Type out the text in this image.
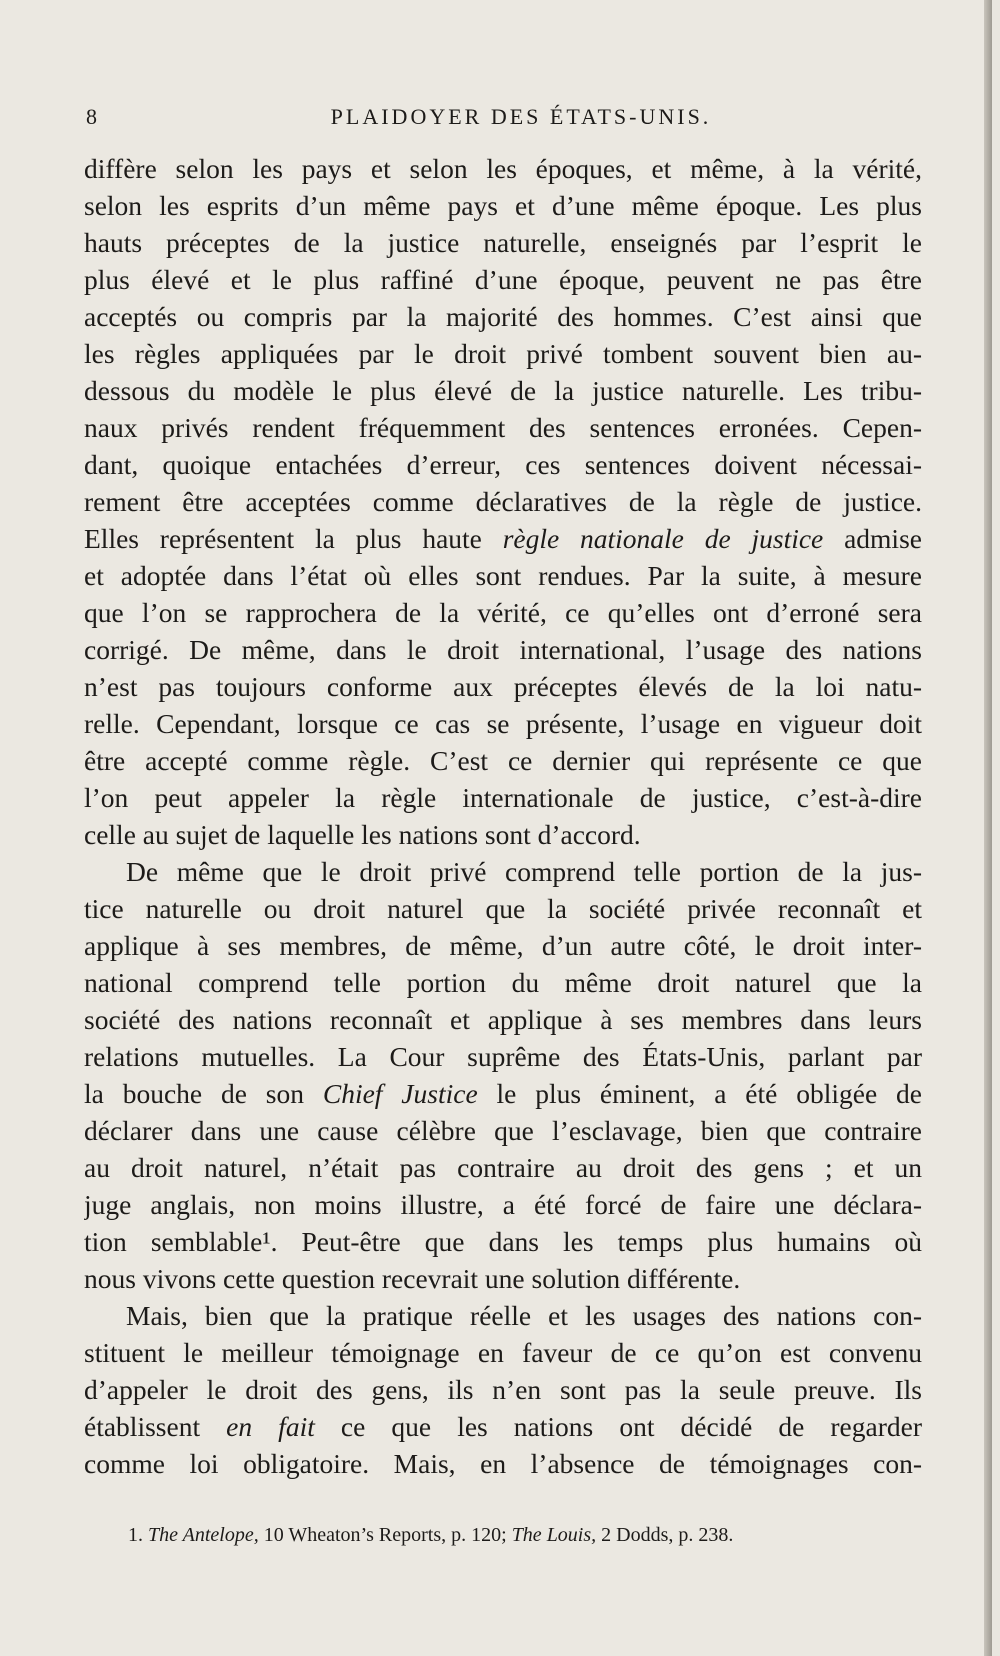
8	PLAIDOYER DES ÉTATS-UNIS.
diffère selon les pays et selon les époques, et même, à la vérité,
selon les esprits d’un même pays et d’une même époque. Les plus
hauts préceptes de la justice naturelle, enseignés par l’esprit le
plus élevé et le plus raffiné d’une époque, peuvent ne pas être
acceptés ou compris par la majorité des hommes. C’est ainsi que
les règles appliquées par le droit privé tombent souvent bien au-
dessous du modèle le plus élevé de la justice naturelle. Les tribu-
naux privés rendent fréquemment des sentences erronées. Cepen-
dant, quoique entachées d’erreur, ces sentences doivent nécessai-
rement être acceptées comme déclaratives de la règle de justice.
Elles représentent la plus haute règle nationale de justice admise
et adoptée dans l’état où elles sont rendues. Par la suite, à mesure
que l’on se rapprochera de la vérité, ce qu’elles ont d’erroné sera
corrigé. De même, dans le droit international, l’usage des nations
n’est pas toujours conforme aux préceptes élevés de la loi natu-
relle. Cependant, lorsque ce cas se présente, l’usage en vigueur doit
être accepté comme règle. C’est ce dernier qui représente ce que
l’on peut appeler la règle internationale de justice, c’est-à-dire
celle au sujet de laquelle les nations sont d’accord.
De même que le droit privé comprend telle portion de la jus-
tice naturelle ou droit naturel que la société privée reconnaît et
applique à ses membres, de même, d’un autre côté, le droit inter-
national comprend telle portion du même droit naturel que la
société des nations reconnaît et applique à ses membres dans leurs
relations mutuelles. La Cour suprême des États-Unis, parlant par
la bouche de son Chief Justice le plus éminent, a été obligée de
déclarer dans une cause célèbre que l’esclavage, bien que contraire
au droit naturel, n’était pas contraire au droit des gens ; et un
juge anglais, non moins illustre, a été forcé de faire une déclara-
tion semblable¹. Peut-être que dans les temps plus humains où
nous vivons cette question recevrait une solution différente.
Mais, bien que la pratique réelle et les usages des nations con-
stituent le meilleur témoignage en faveur de ce qu’on est convenu
d’appeler le droit des gens, ils n’en sont pas la seule preuve. Ils
établissent en fait ce que les nations ont décidé de regarder
comme loi obligatoire. Mais, en l’absence de témoignages con-
1. The Antelope, 10 Wheaton’s Reports, p. 120; The Louis, 2 Dodds, p. 238.
